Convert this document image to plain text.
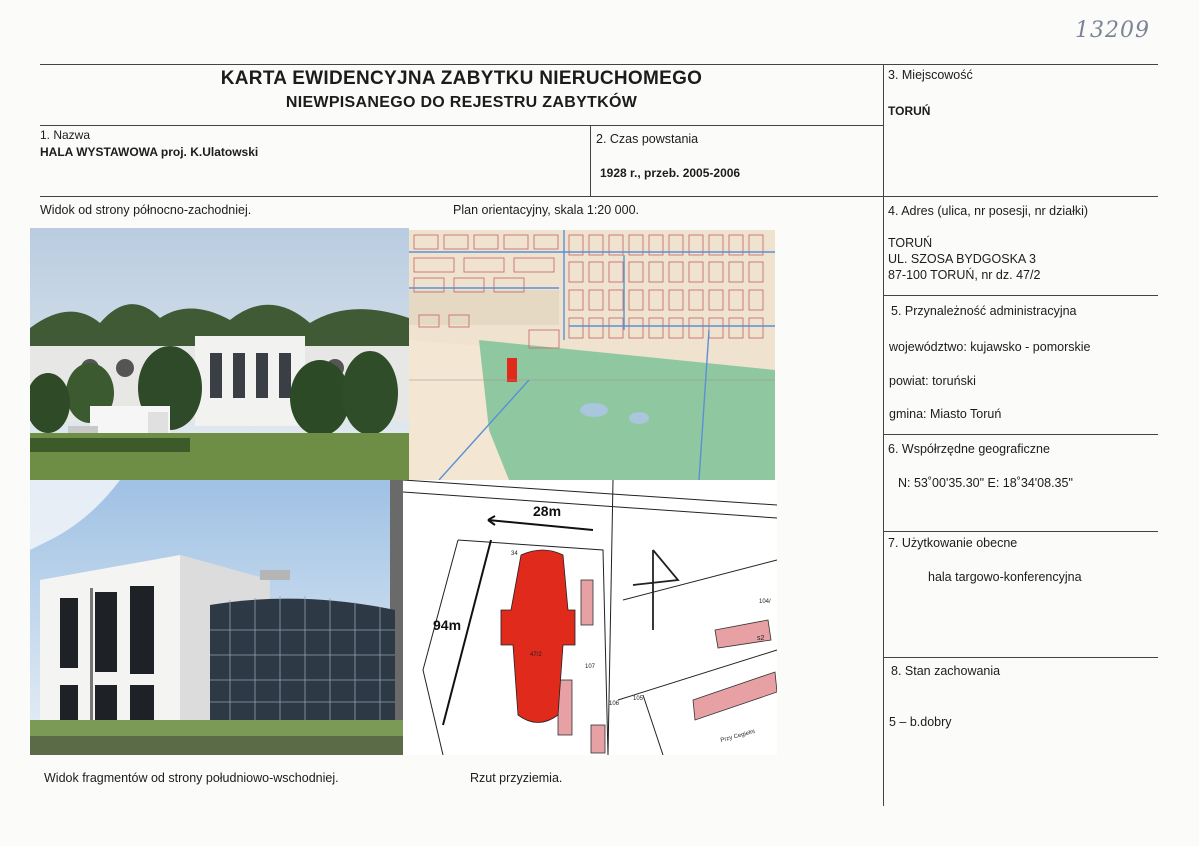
13209
KARTA EWIDENCYJNA ZABYTKU NIERUCHOMEGO
NIEWPISANEGO DO REJESTRU ZABYTKÓW
1. Nazwa
HALA WYSTAWOWA proj. K.Ulatowski
2. Czas powstania
1928 r., przeb. 2005-2006
3. Miejscowość
TORUŃ
4. Adres (ulica, nr posesji, nr działki)
TORUŃ
UL. SZOSA BYDGOSKA 3
87-100 TORUŃ, nr dz. 47/2
5. Przynależność administracyjna
województwo: kujawsko - pomorskie
powiat: toruński
gmina: Miasto Toruń
6. Współrzędne geograficzne
N: 53˚00'35.30" E: 18˚34'08.35"
7. Użytkowanie obecne
hala targowo-konferencyjna
8. Stan zachowania
5 – b.dobry
Widok od strony północno-zachodniej.	Plan orientacyjny, skala 1:20 000.
Widok fragmentów od strony południowo-wschodniej.	Rzut przyziemia.
28m
94m
34
47/2
107
106
105
104/
s2
Przy Cegielni
